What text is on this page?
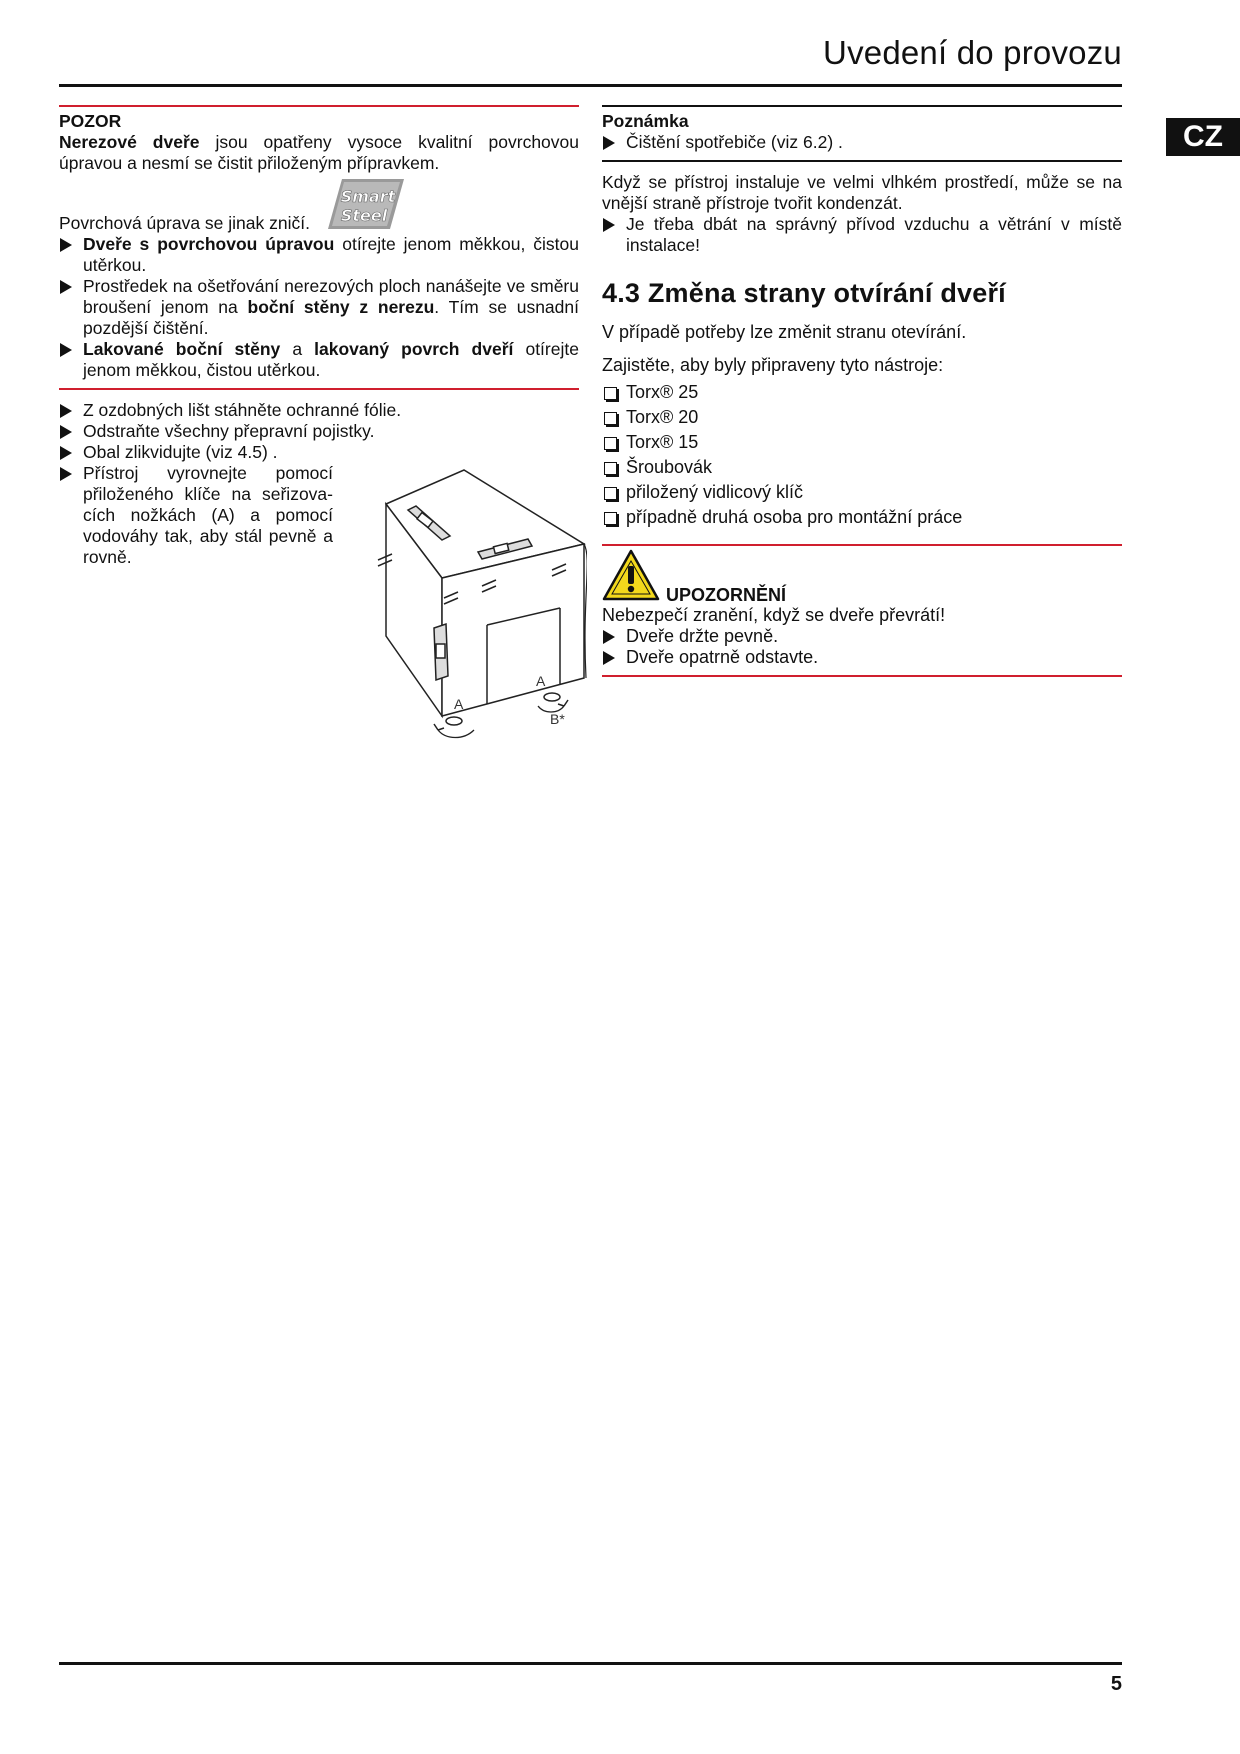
Uvedení do provozu
CZ

POZOR

Nerezové dveře jsou opatřeny vysoce kvalitní povrchovou úpravou a nesmí se čistit přiloženým přípravkem.

Smart
Steel

Povrchová úprava se jinak zničí.

Dveře s povrchovou úpravou otírejte jenom měkkou, čistou utěrkou.
Prostředek na ošetřování nerezových ploch nanášejte ve směru broušení jenom na boční stěny z nerezu. Tím se usnadní pozdější čištění.
Lakované boční stěny a lakovaný povrch dveří otírejte jenom měkkou, čistou utěrkou.
Z ozdobných lišt stáhněte ochranné fólie.
Odstraňte všechny přepravní pojistky.
Obal zlikvidujte (viz 4.5) .
Přístroj vyrovnejte pomocí přiloženého klíče na seřizova-cích nožkách (A) a pomocí vodováhy tak, aby stál pevně a rovně.
A
A
B*

Poznámka

Čištění spotřebiče (viz 6.2) .

Když se přístroj instaluje ve velmi vlhkém prostředí, může se na vnější straně přístroje tvořit kondenzát.

Je třeba dbát na správný přívod vzduchu a větrání v místě instalace!
4.3 Změna strany otvírání dveří
V případě potřeby lze změnit stranu otevírání.
Zajistěte, aby byly připraveny tyto nástroje:
Torx® 25
Torx® 20
Torx® 15
Šroubovák
přiložený vidlicový klíč
případně druhá osoba pro montážní práce
UPOZORNĚNÍ

Nebezpečí zranění, když se dveře převrátí!

Dveře držte pevně.
Dveře opatrně odstavte.
5
